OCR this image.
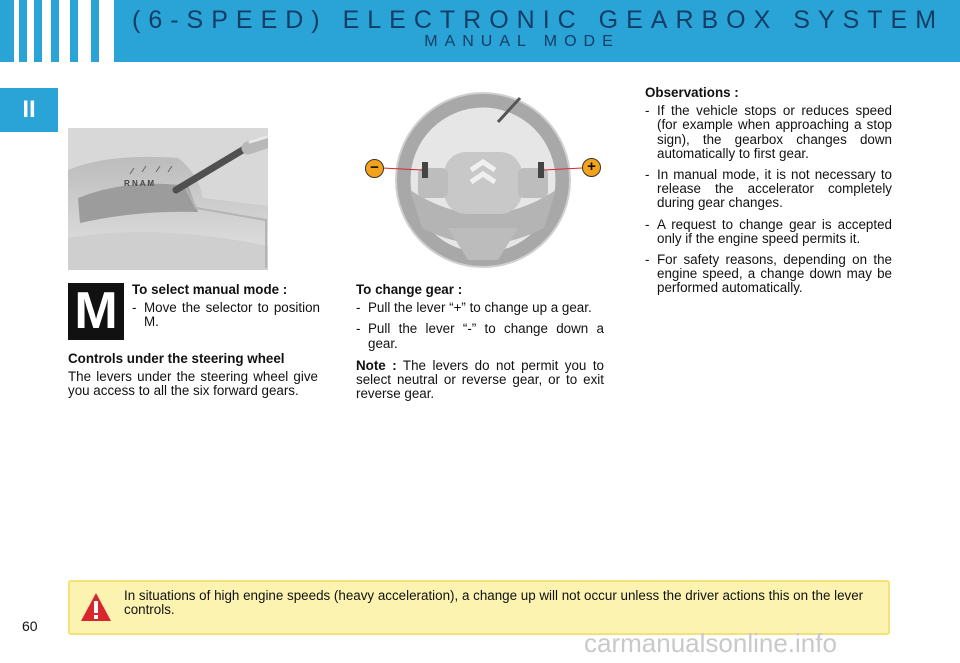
(6-SPEED) ELECTRONIC GEARBOX SYSTEM
MANUAL MODE
II
R N A M
M
−	+
To select manual mode :
- Move the selector to position M.
Controls under the steering wheel

The levers under the steering wheel give you access to all the six forward gears.

To change gear :
- Pull the lever “+” to change up a gear.
- Pull the lever “-” to change down a gear.

Note : The levers do not permit you to select neutral or reverse gear, or to exit reverse gear.

Observations :
- If the vehicle stops or reduces speed (for example when approaching a stop sign), the gearbox changes down automatically to first gear.
- In manual mode, it is not necessary to release the accelerator completely during gear changes.
- A request to change gear is accepted only if the engine speed permits it.
- For safety reasons, depending on the engine speed, a change down may be performed automatically.
In situations of high engine speeds (heavy acceleration), a change up will not occur unless the driver actions this on the lever controls.
60
carmanualsonline.info
